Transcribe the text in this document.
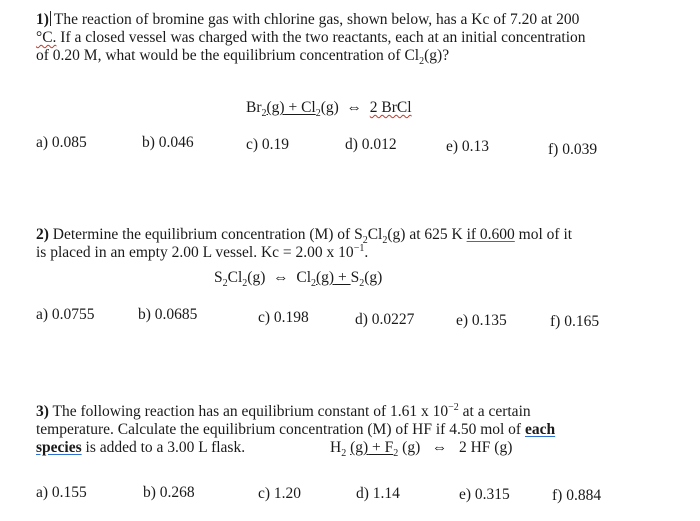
1) The reaction of bromine gas with chlorine gas, shown below, has a Kc of 7.20 at 200

°C. If a closed vessel was charged with the two reactants, each at an initial concentration

of 0.20 M, what would be the equilibrium concentration of $Cl_2(g)$?

$Br_2(g) + Cl_2(g)$ ⇔ 2 BrCl
a) 0.085	b) 0.046	c) 0.19	d) 0.012	e) 0.13	f) 0.039

2) Determine the equilibrium concentration (M) of $S_2Cl_2(g)$ at 625 K if 0.600 mol of it

is placed in an empty 2.00 L vessel. Kc = 2.00 x $10^{-1}$.

$S_2Cl_2(g)$ ⇔ $Cl_2(g) + S_2(g)$
a) 0.0755	b) 0.0685	c) 0.198	d) 0.0227	e) 0.135	f) 0.165

3) The following reaction has an equilibrium constant of 1.61 x $10^{-2}$ at a certain

temperature. Calculate the equilibrium concentration (M) of HF if 4.50 mol of each

species is added to a 3.00 L flask.	$H_2$ $(g) + F_2$ (g) ⇔ 2 HF (g)
a) 0.155	b) 0.268	c) 1.20	d) 1.14	e) 0.315	f) 0.884
